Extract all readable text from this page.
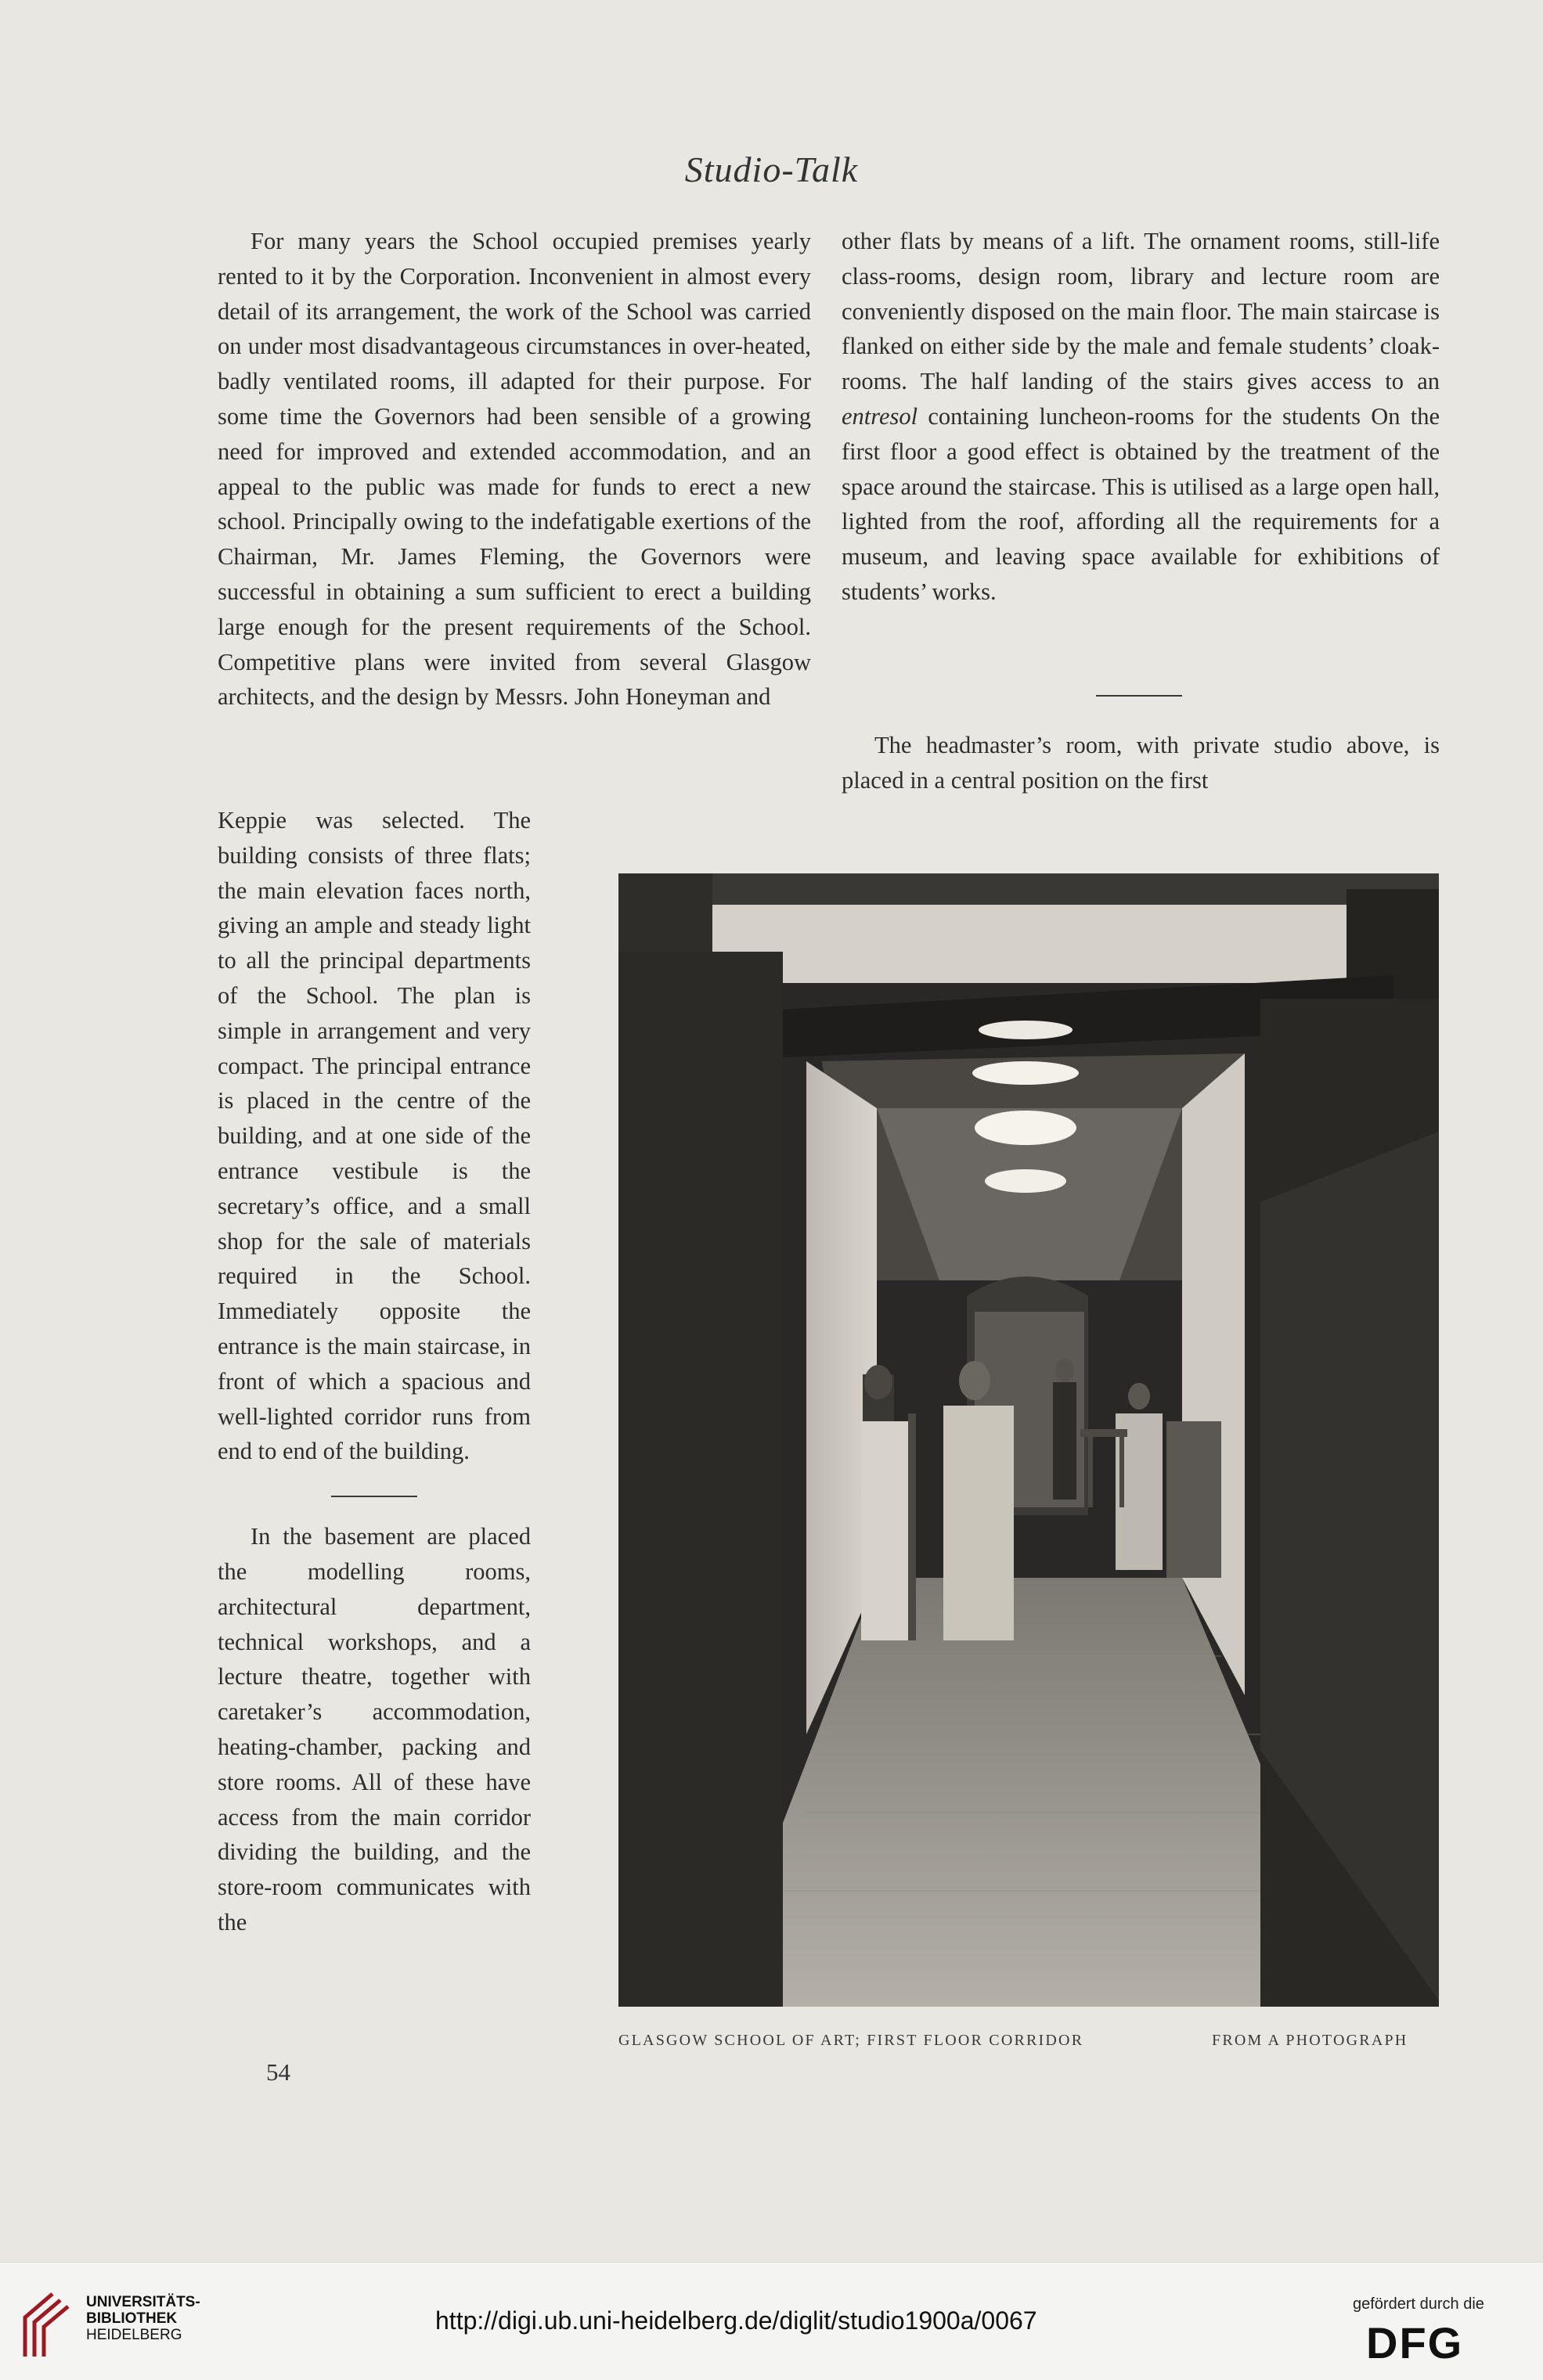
Studio-Talk

For many years the School occupied premises yearly rented to it by the Corporation. Inconvenient in almost every detail of its arrangement, the work of the School was carried on under most disadvantageous circumstances in over-heated, badly ventilated rooms, ill adapted for their purpose. For some time the Governors had been sensible of a growing need for improved and extended accommodation, and an appeal to the public was made for funds to erect a new school. Principally owing to the indefatigable exertions of the Chairman, Mr. James Fleming, the Governors were successful in obtaining a sum sufficient to erect a building large enough for the present requirements of the School. Competitive plans were invited from several Glasgow architects, and the design by Messrs. John Honeyman and

Keppie was selected. The building consists of three flats; the main elevation faces north, giving an ample and steady light to all the principal departments of the School. The plan is simple in arrangement and very compact. The principal entrance is placed in the centre of the building, and at one side of the entrance vestibule is the secretary’s office, and a small shop for the sale of materials required in the School. Immediately opposite the entrance is the main staircase, in front of which a spacious and well-lighted corridor runs from end to end of the building.

In the basement are placed the modelling rooms, architectural department, technical workshops, and a lecture theatre, together with caretaker’s accommodation, heating-chamber, packing and store rooms. All of these have access from the main corridor dividing the building, and the store-room communicates with the

other flats by means of a lift. The ornament rooms, still-life class-rooms, design room, library and lecture room are conveniently disposed on the main floor. The main staircase is flanked on either side by the male and female students’ cloak-rooms. The half landing of the stairs gives access to an entresol containing luncheon-rooms for the students On the first floor a good effect is obtained by the treatment of the space around the staircase. This is utilised as a large open hall, lighted from the roof, affording all the requirements for a museum, and leaving space available for exhibitions of students’ works.

The headmaster’s room, with private studio above, is placed in a central position on the first

GLASGOW SCHOOL OF ART; FIRST FLOOR CORRIDOR	FROM A PHOTOGRAPH
54
UNIVERSITÄTS-
BIBLIOTHEK
HEIDELBERG
http://digi.ub.uni-heidelberg.de/diglit/studio1900a/0067
gefördert durch die
DFG
